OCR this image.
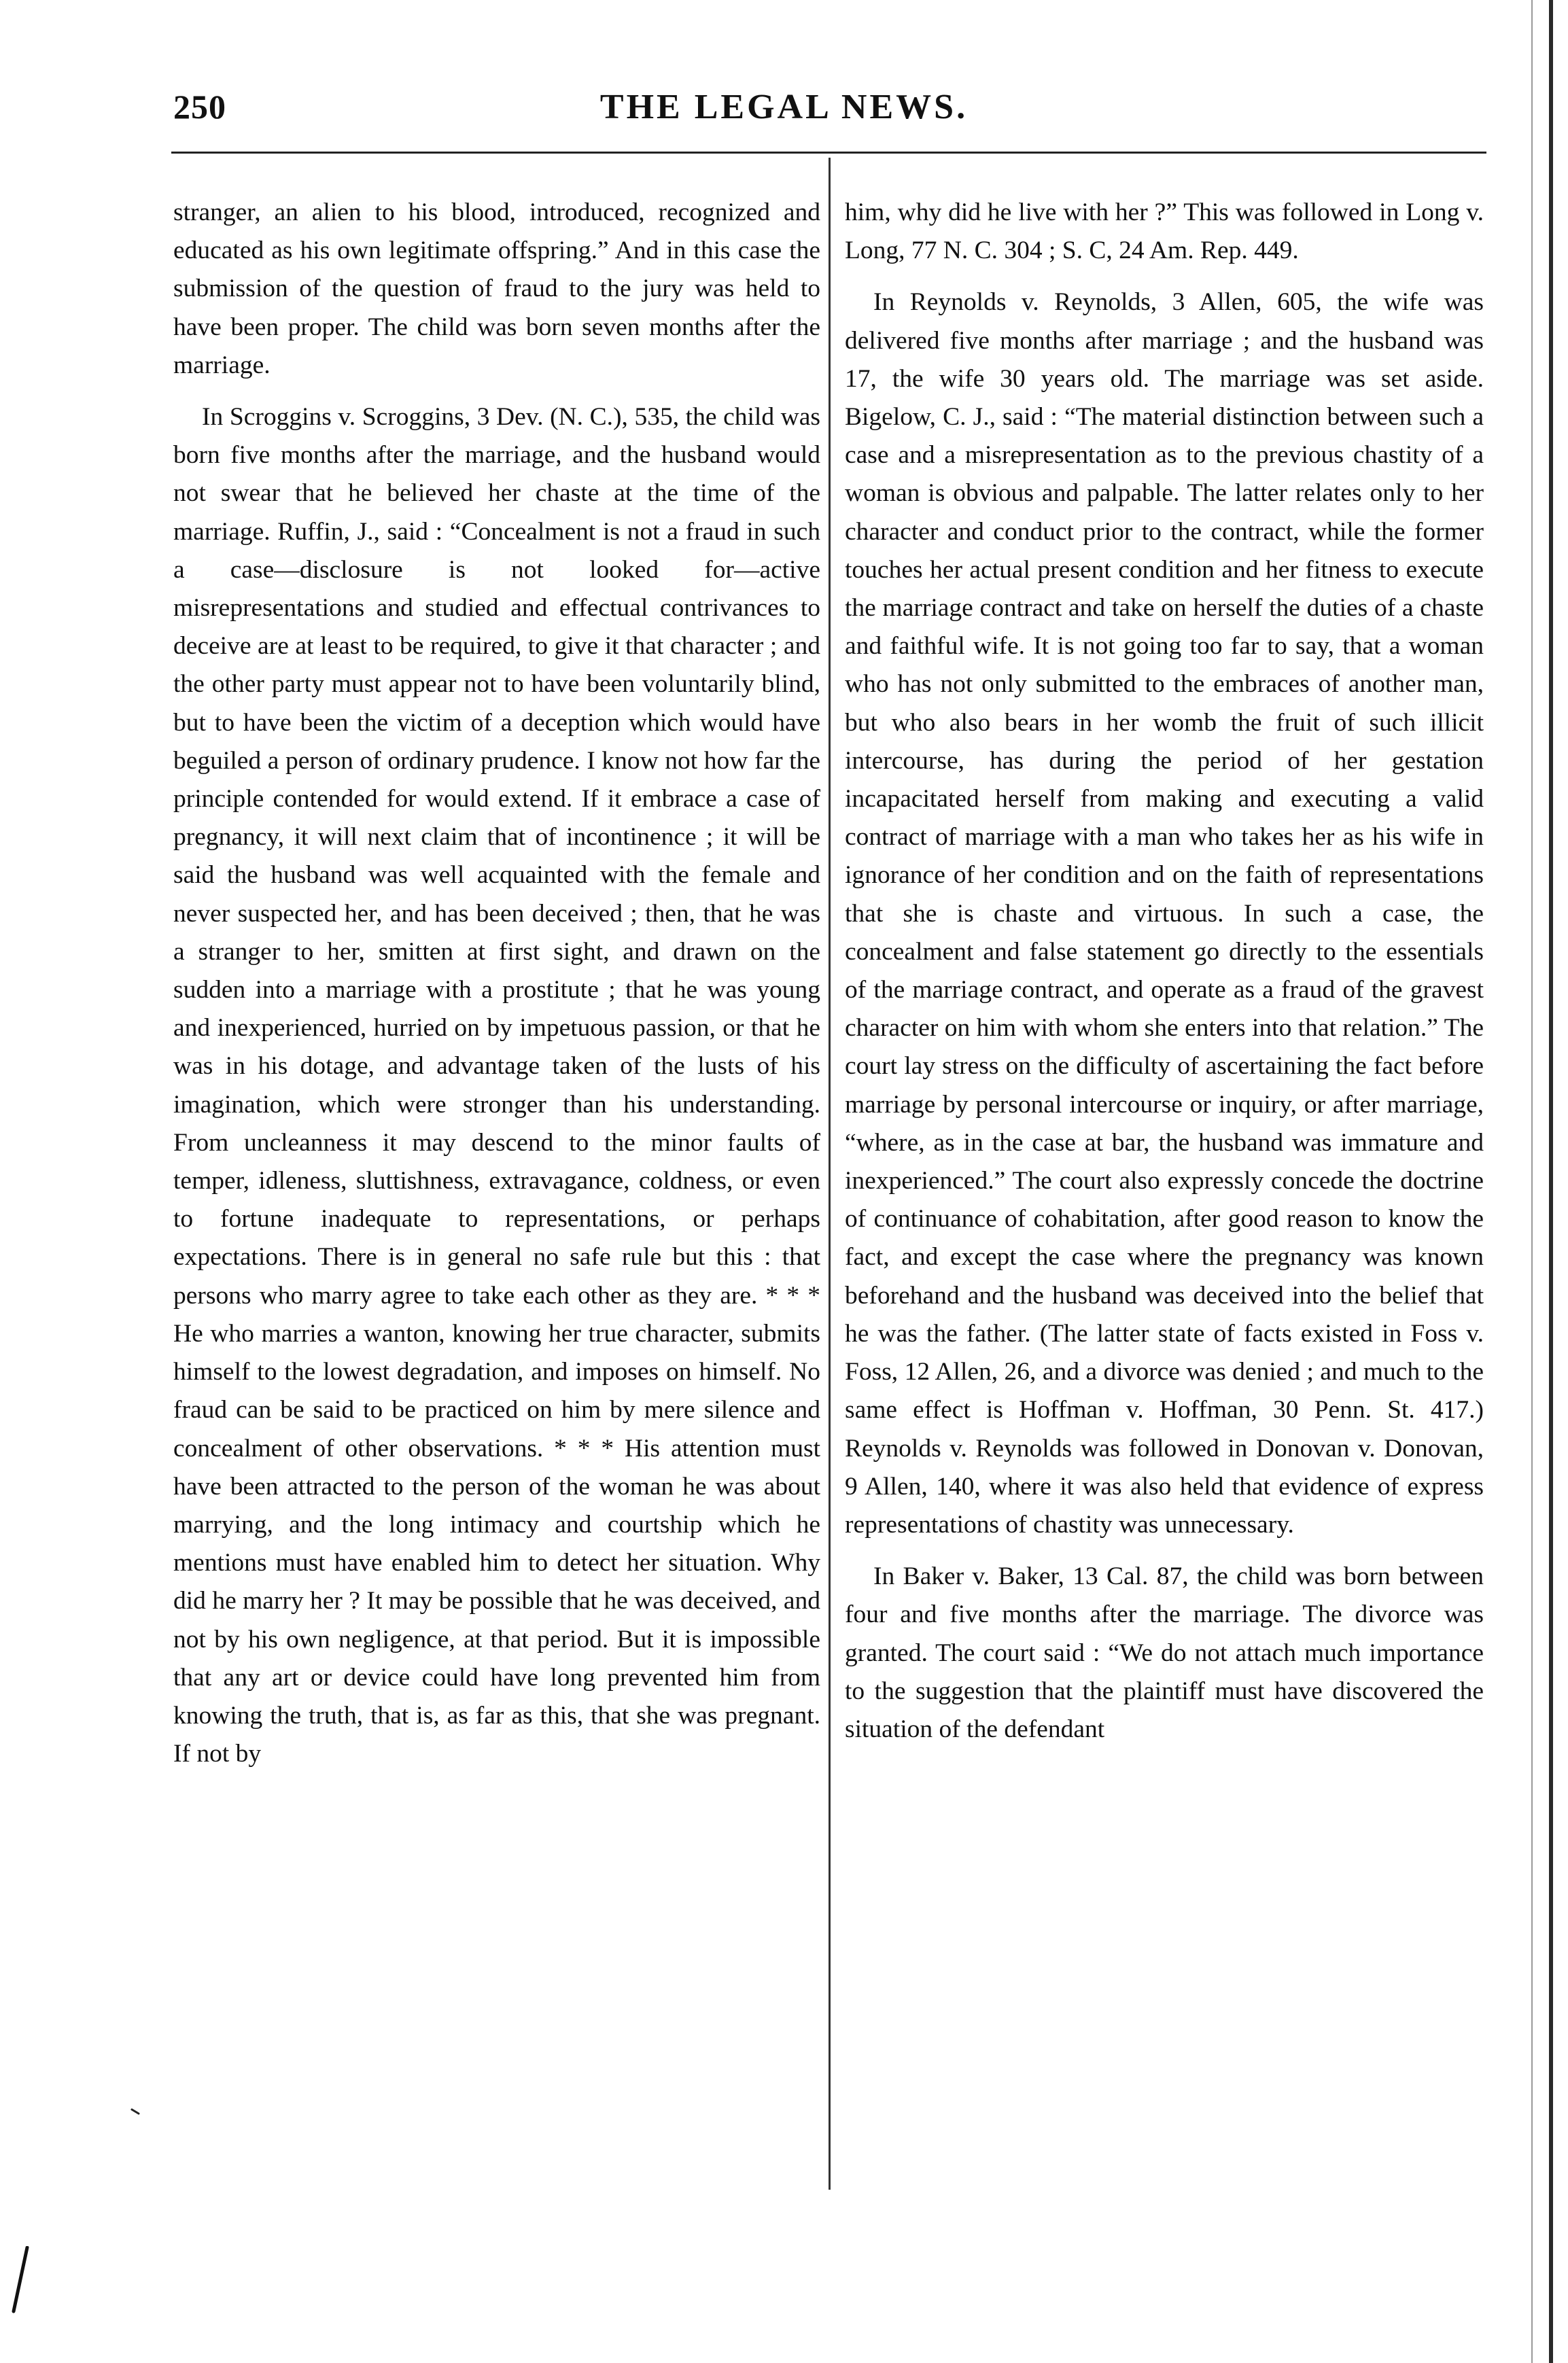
250	THE LEGAL NEWS.

stranger, an alien to his blood, introduced, recognized and educated as his own legitimate offspring.” And in this case the submission of the question of fraud to the jury was held to have been proper. The child was born seven months after the marriage.

In Scroggins v. Scroggins, 3 Dev. (N. C.), 535, the child was born five months after the marriage, and the husband would not swear that he believed her chaste at the time of the marriage. Ruffin, J., said : “Concealment is not a fraud in such a case—disclosure is not looked for—active misrepresentations and studied and effectual contrivances to deceive are at least to be required, to give it that character ; and the other party must appear not to have been voluntarily blind, but to have been the victim of a deception which would have beguiled a person of ordinary prudence. I know not how far the principle contended for would extend. If it embrace a case of pregnancy, it will next claim that of incontinence ; it will be said the husband was well acquainted with the female and never suspected her, and has been deceived ; then, that he was a stranger to her, smitten at first sight, and drawn on the sudden into a marriage with a prostitute ; that he was young and inexperienced, hurried on by impetuous passion, or that he was in his dotage, and advantage taken of the lusts of his imagination, which were stronger than his understanding. From uncleanness it may descend to the minor faults of temper, idleness, sluttishness, extravagance, coldness, or even to fortune inadequate to representations, or perhaps expectations. There is in general no safe rule but this : that persons who marry agree to take each other as they are. * * * He who marries a wanton, knowing her true character, submits himself to the lowest degradation, and imposes on himself. No fraud can be said to be practiced on him by mere silence and concealment of other observations. * * * His attention must have been attracted to the person of the woman he was about marrying, and the long intimacy and courtship which he mentions must have enabled him to detect her situation. Why did he marry her ? It may be possible that he was deceived, and not by his own negligence, at that period. But it is impossible that any art or device could have long prevented him from knowing the truth, that is, as far as this, that she was pregnant. If not by

him, why did he live with her ?” This was followed in Long v. Long, 77 N. C. 304 ; S. C, 24 Am. Rep. 449.

In Reynolds v. Reynolds, 3 Allen, 605, the wife was delivered five months after marriage ; and the husband was 17, the wife 30 years old. The marriage was set aside. Bigelow, C. J., said : “The material distinction between such a case and a misrepresentation as to the previous chastity of a woman is obvious and palpable. The latter relates only to her character and conduct prior to the contract, while the former touches her actual present condition and her fitness to execute the marriage contract and take on herself the duties of a chaste and faithful wife. It is not going too far to say, that a woman who has not only submitted to the embraces of another man, but who also bears in her womb the fruit of such illicit intercourse, has during the period of her gestation incapacitated herself from making and executing a valid contract of marriage with a man who takes her as his wife in ignorance of her condition and on the faith of representations that she is chaste and virtuous. In such a case, the concealment and false statement go directly to the essentials of the marriage contract, and operate as a fraud of the gravest character on him with whom she enters into that relation.” The court lay stress on the difficulty of ascertaining the fact before marriage by personal intercourse or inquiry, or after marriage, “where, as in the case at bar, the husband was immature and inexperienced.” The court also expressly concede the doctrine of continuance of cohabitation, after good reason to know the fact, and except the case where the pregnancy was known beforehand and the husband was deceived into the belief that he was the father. (The latter state of facts existed in Foss v. Foss, 12 Allen, 26, and a divorce was denied ; and much to the same effect is Hoffman v. Hoffman, 30 Penn. St. 417.) Reynolds v. Reynolds was followed in Donovan v. Donovan, 9 Allen, 140, where it was also held that evidence of express representations of chastity was unnecessary.

In Baker v. Baker, 13 Cal. 87, the child was born between four and five months after the marriage. The divorce was granted. The court said : “We do not attach much importance to the suggestion that the plaintiff must have discovered the situation of the defendant
